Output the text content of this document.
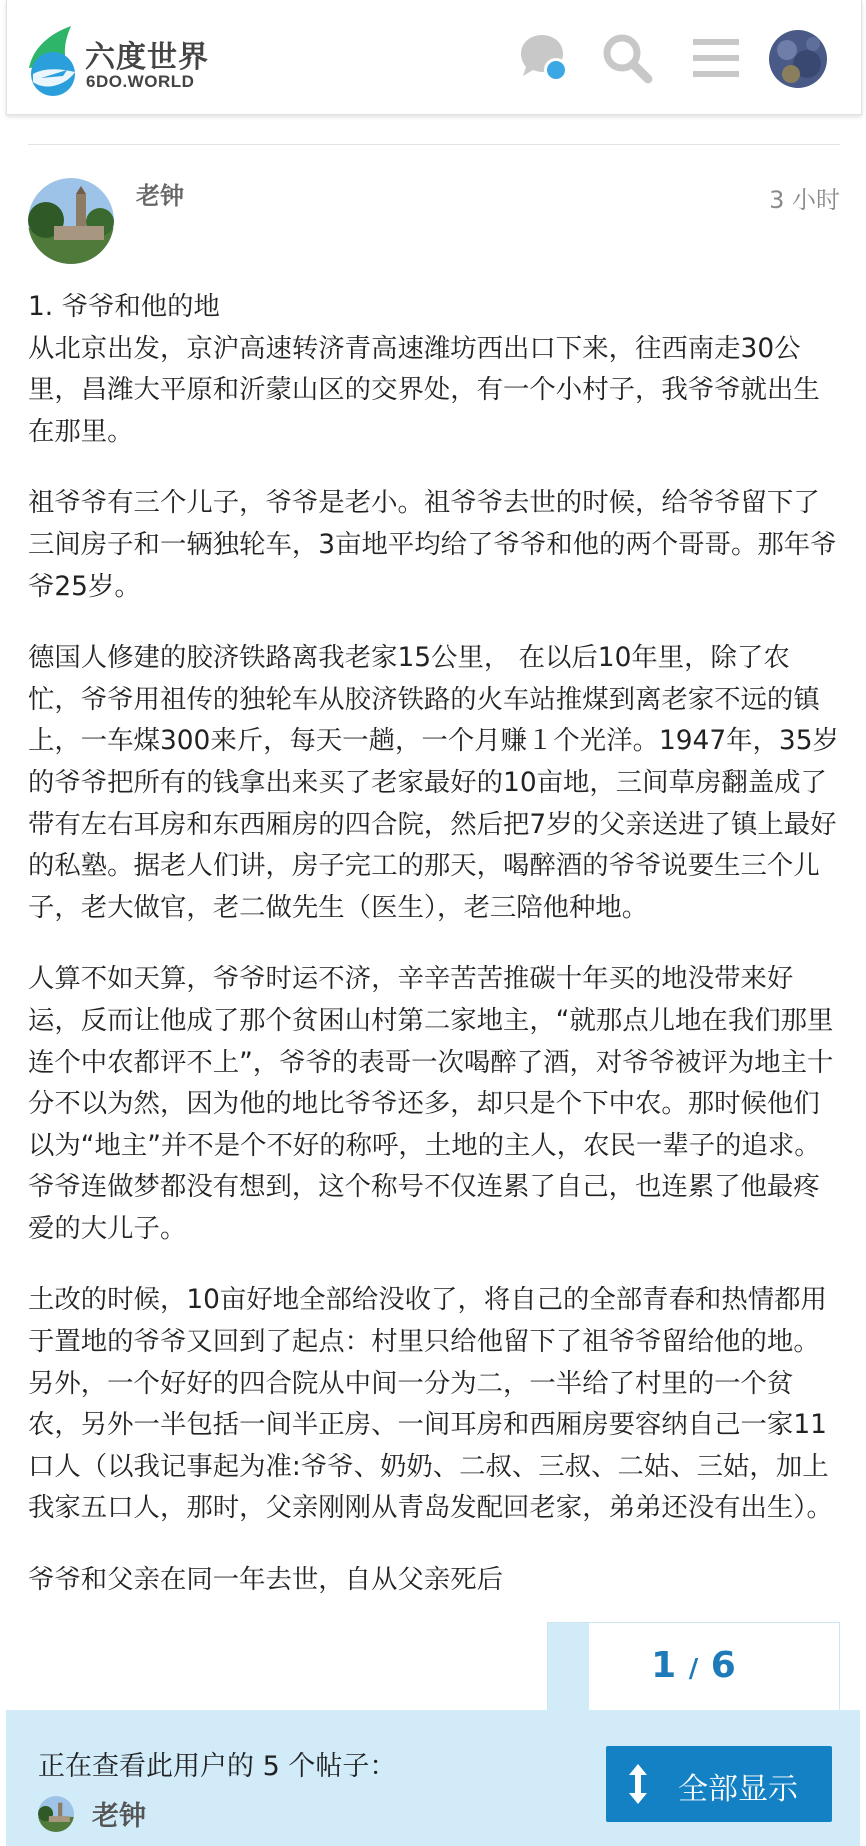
六度世界
6DO.WORLD
老钟	3 小时

1. 爷爷和他的地
从北京出发，京沪高速转济青高速潍坊西出口下来，往西南走30公里，昌潍大平原和沂蒙山区的交界处，有一个小村子，我爷爷就出生在那里。

祖爷爷有三个儿子，爷爷是老小。祖爷爷去世的时候，给爷爷留下了三间房子和一辆独轮车，3亩地平均给了爷爷和他的两个哥哥。那年爷爷25岁。

德国人修建的胶济铁路离我老家15公里， 在以后10年里，除了农忙，爷爷用祖传的独轮车从胶济铁路的火车站推煤到离老家不远的镇上，一车煤300来斤，每天一趟，一个月赚１个光洋。1947年，35岁的爷爷把所有的钱拿出来买了老家最好的10亩地，三间草房翻盖成了带有左右耳房和东西厢房的四合院，然后把7岁的父亲送进了镇上最好的私塾。据老人们讲，房子完工的那天，喝醉酒的爷爷说要生三个儿子，老大做官，老二做先生（医生），老三陪他种地。

人算不如天算，爷爷时运不济，辛辛苦苦推碳十年买的地没带来好运，反而让他成了那个贫困山村第二家地主，“就那点儿地在我们那里连个中农都评不上”，爷爷的表哥一次喝醉了酒，对爷爷被评为地主十分不以为然，因为他的地比爷爷还多，却只是个下中农。那时候他们以为“地主”并不是个不好的称呼，土地的主人，农民一辈子的追求。爷爷连做梦都没有想到，这个称号不仅连累了自己，也连累了他最疼爱的大儿子。

土改的时候，10亩好地全部给没收了，将自己的全部青春和热情都用于置地的爷爷又回到了起点：村里只给他留下了祖爷爷留给他的地。另外，一个好好的四合院从中间一分为二，一半给了村里的一个贫农，另外一半包括一间半正房、一间耳房和西厢房要容纳自己一家11口人（以我记事起为准:爷爷、奶奶、二叔、三叔、二姑、三姑，加上我家五口人，那时，父亲刚刚从青岛发配回老家，弟弟还没有出生）。

爷爷和父亲在同一年去世，自从父亲死后

1 / 6
正在查看此用户的 5 个帖子：
老钟
全部显示
